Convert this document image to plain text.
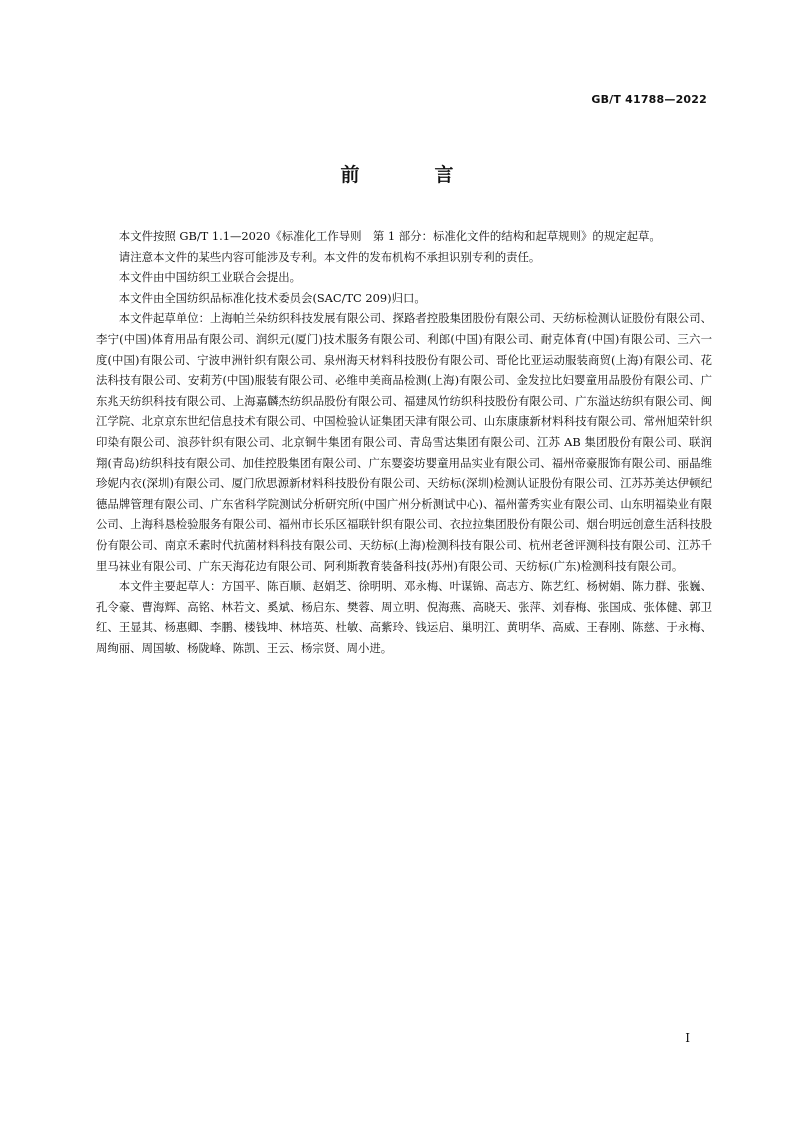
GB/T 41788—2022
前　言

本文件按照 GB/T 1.1—2020《标准化工作导则　第 1 部分：标准化文件的结构和起草规则》的规定起草。

请注意本文件的某些内容可能涉及专利。本文件的发布机构不承担识别专利的责任。

本文件由中国纺织工业联合会提出。

本文件由全国纺织品标准化技术委员会(SAC/TC 209)归口。

本文件起草单位：上海帕兰朵纺织科技发展有限公司、探路者控股集团股份有限公司、天纺标检测认证股份有限公司、李宁(中国)体育用品有限公司、润织元(厦门)技术服务有限公司、利郎(中国)有限公司、耐克体育(中国)有限公司、三六一度(中国)有限公司、宁波申洲针织有限公司、泉州海天材料科技股份有限公司、哥伦比亚运动服装商贸(上海)有限公司、花法科技有限公司、安莉芳(中国)服装有限公司、必维申美商品检测(上海)有限公司、金发拉比妇婴童用品股份有限公司、广东兆天纺织科技有限公司、上海嘉麟杰纺织品股份有限公司、福建凤竹纺织科技股份有限公司、广东溢达纺织有限公司、闽江学院、北京京东世纪信息技术有限公司、中国检验认证集团天津有限公司、山东康康新材料科技有限公司、常州旭荣针织印染有限公司、浪莎针织有限公司、北京铜牛集团有限公司、青岛雪达集团有限公司、江苏 AB 集团股份有限公司、联润翔(青岛)纺织科技有限公司、加佳控股集团有限公司、广东婴姿坊婴童用品实业有限公司、福州帝豪服饰有限公司、丽晶维珍妮内衣(深圳)有限公司、厦门欣思源新材料科技股份有限公司、天纺标(深圳)检测认证股份有限公司、江苏苏美达伊顿纪德品牌管理有限公司、广东省科学院测试分析研究所(中国广州分析测试中心)、福州蕾秀实业有限公司、山东明福染业有限公司、上海科恳检验服务有限公司、福州市长乐区福联针织有限公司、衣拉拉集团股份有限公司、烟台明远创意生活科技股份有限公司、南京禾素时代抗菌材料科技有限公司、天纺标(上海)检测科技有限公司、杭州老爸评测科技有限公司、江苏千里马袜业有限公司、广东天海花边有限公司、阿利斯教育装备科技(苏州)有限公司、天纺标(广东)检测科技有限公司。

本文件主要起草人：方国平、陈百顺、赵娟芝、徐明明、邓永梅、叶谋锦、高志方、陈艺红、杨树娟、陈力群、张巍、孔令豪、曹海辉、高铭、林若文、奚斌、杨启东、樊蓉、周立明、倪海燕、高晓天、张萍、刘春梅、张国成、张体健、郭卫红、王显其、杨惠卿、李鹏、楼钱坤、林培英、杜敏、高紫玲、钱运启、巢明江、黄明华、高威、王春刚、陈慈、于永梅、周绚丽、周国敏、杨陇峰、陈凯、王云、杨宗贤、周小进。

I
